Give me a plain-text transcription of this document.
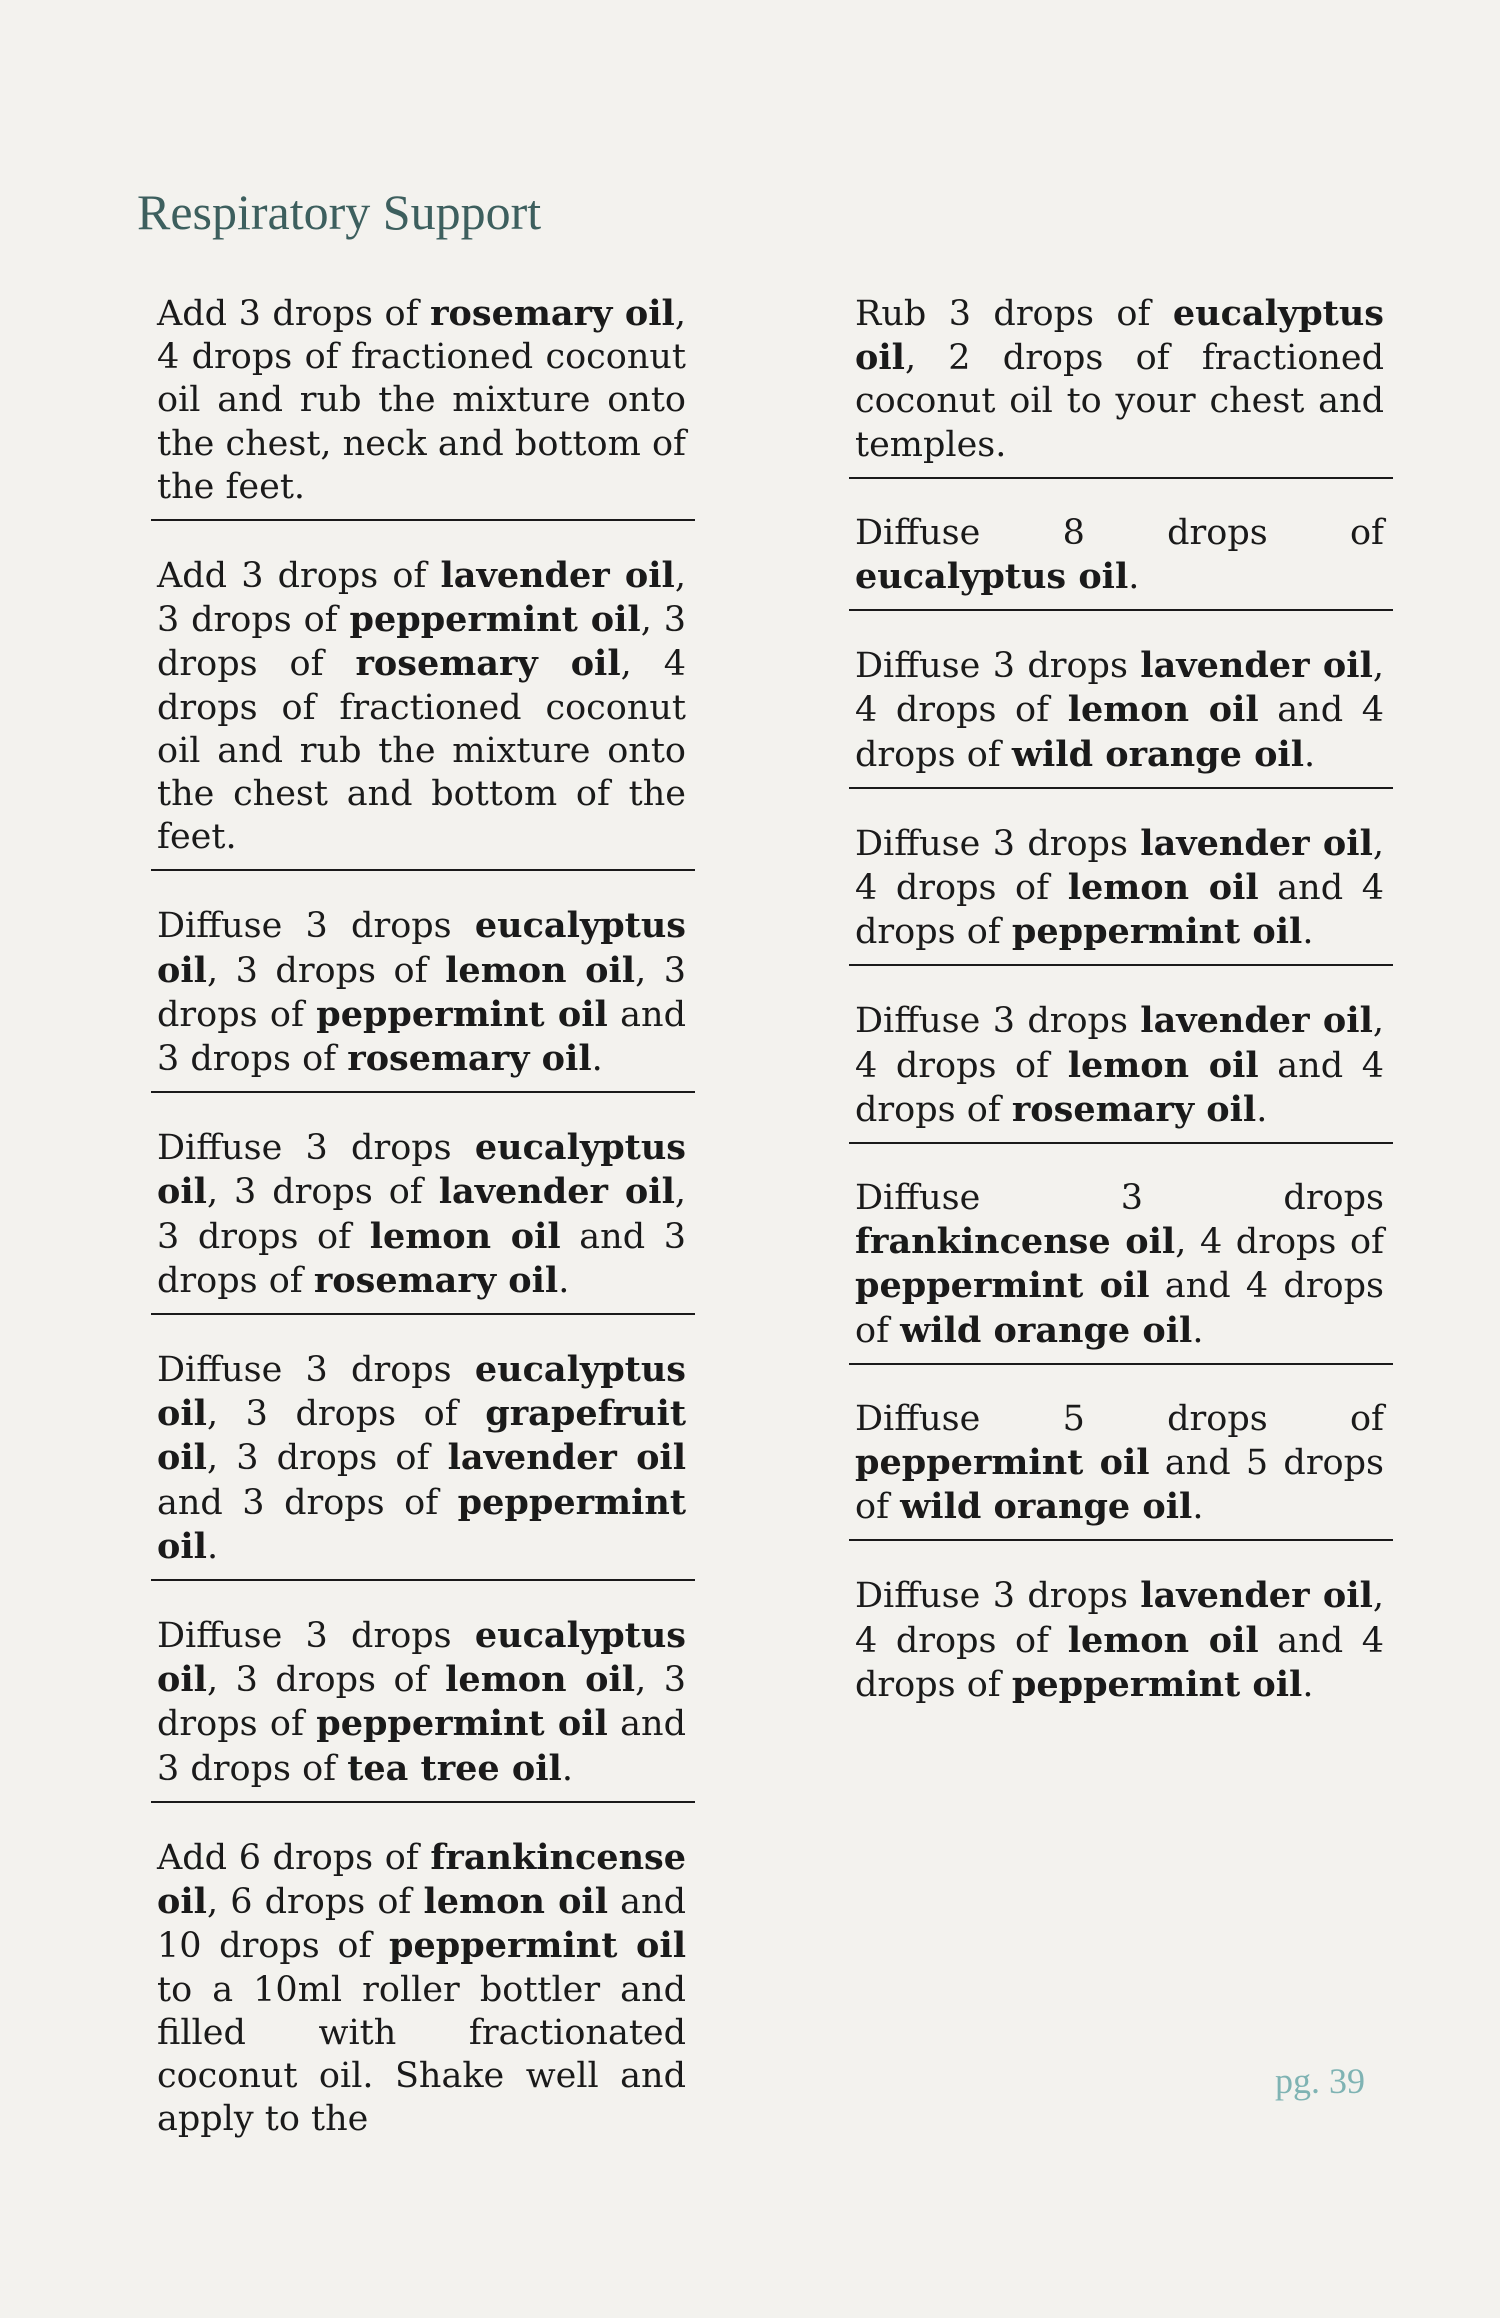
Respiratory Support
Add 3 drops of rosemary oil, 4 drops of fractioned coconut oil and rub the mixture onto the chest, neck and bottom of the feet.
Add 3 drops of lavender oil, 3 drops of peppermint oil, 3 drops of rosemary oil, 4 drops of fractioned coconut oil and rub the mixture onto the chest and bottom of the feet.
Diffuse 3 drops eucalyptus oil, 3 drops of lemon oil, 3 drops of peppermint oil and 3 drops of rosemary oil.
Diffuse 3 drops eucalyptus oil, 3 drops of lavender oil, 3 drops of lemon oil and 3 drops of rosemary oil.
Diffuse 3 drops eucalyptus oil, 3 drops of grapefruit oil, 3 drops of lavender oil and 3 drops of peppermint oil.
Diffuse 3 drops eucalyptus oil, 3 drops of lemon oil, 3 drops of peppermint oil and 3 drops of tea tree oil.
Add 6 drops of frankincense oil, 6 drops of lemon oil and 10 drops of peppermint oil to a 10ml roller bottler and filled with fractionated coconut oil. Shake well and apply to the
Rub 3 drops of eucalyptus oil, 2 drops of fractioned coconut oil to your chest and temples.
Diffuse 8 drops of eucalyptus oil.
Diffuse 3 drops lavender oil, 4 drops of lemon oil and 4 drops of wild orange oil.
Diffuse 3 drops lavender oil, 4 drops of lemon oil and 4 drops of peppermint oil.
Diffuse 3 drops lavender oil, 4 drops of lemon oil and 4 drops of rosemary oil.
Diffuse 3 drops frankincense oil, 4 drops of peppermint oil and 4 drops of wild orange oil.
Diffuse 5 drops of peppermint oil and 5 drops of wild orange oil.
Diffuse 3 drops lavender oil, 4 drops of lemon oil and 4 drops of peppermint oil.
pg. 39
